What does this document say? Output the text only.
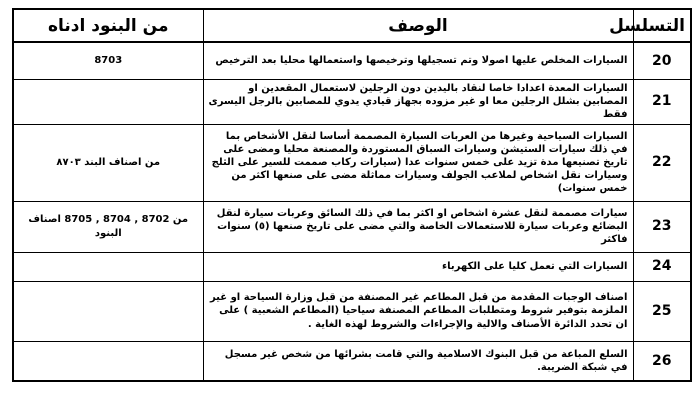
التسلسل	الوصف	من البنود ادناه
20	السيارات المخلص عليها اصولا وتم تسجيلها وترخيصها واستعمالها محليا بعد الترخيص	8703
21	السيارات المعدة اعدادا خاصا لنقاد باليدين دون الرجلين لاستعمال المقعدين او المصابين بشلل الرجلين معا او غير مزوده بجهاز قيادي يدوي للمصابين بالرجل اليسرى فقط	
22	السيارات السياحية وغيرها من العربات السيارة المصممة أساسا لنقل الأشخاص بما في ذلك سيارات الستيشن وسيارات السباق المستوردة والمصنعة محليا ومضى على تاريخ تصنيعها مدة تزيد على خمس سنوات عدا (سيارات ركاب صممت للسير على الثلج وسيارات نقل اشخاص لملاعب الجولف وسيارات مماثلة مضى على صنعها اكثر من خمس سنوات)	من اصناف البند ٨٧٠٣
23	سيارات مصممة لنقل عشرة اشخاص او اكثر بما في ذلك السائق وعربات سيارة لنقل البضائع وعربات سيارة للاستعمالات الخاصة والتي مضى على تاريخ صنعها (٥) سنوات فاكثر	من 8702 , 8704 , 8705 اصناف البنود
24	السيارات التي تعمل كليا على الكهرباء	
25	اصناف الوجبات المقدمة من قبل المطاعم غير المصنفة من قبل وزارة السياحة او غير الملزمة بتوفير شروط ومتطلبات المطاعم المصنفة سياحيا (المطاعم الشعبية ) على ان تحدد الدائرة الأصناف والالية والإجراءات والشروط لهذه الغاية .	
26	السلع المباعة من قبل البنوك الاسلامية والتي قامت بشرائها من شخص غير مسجل في شبكة الضريبة.	
